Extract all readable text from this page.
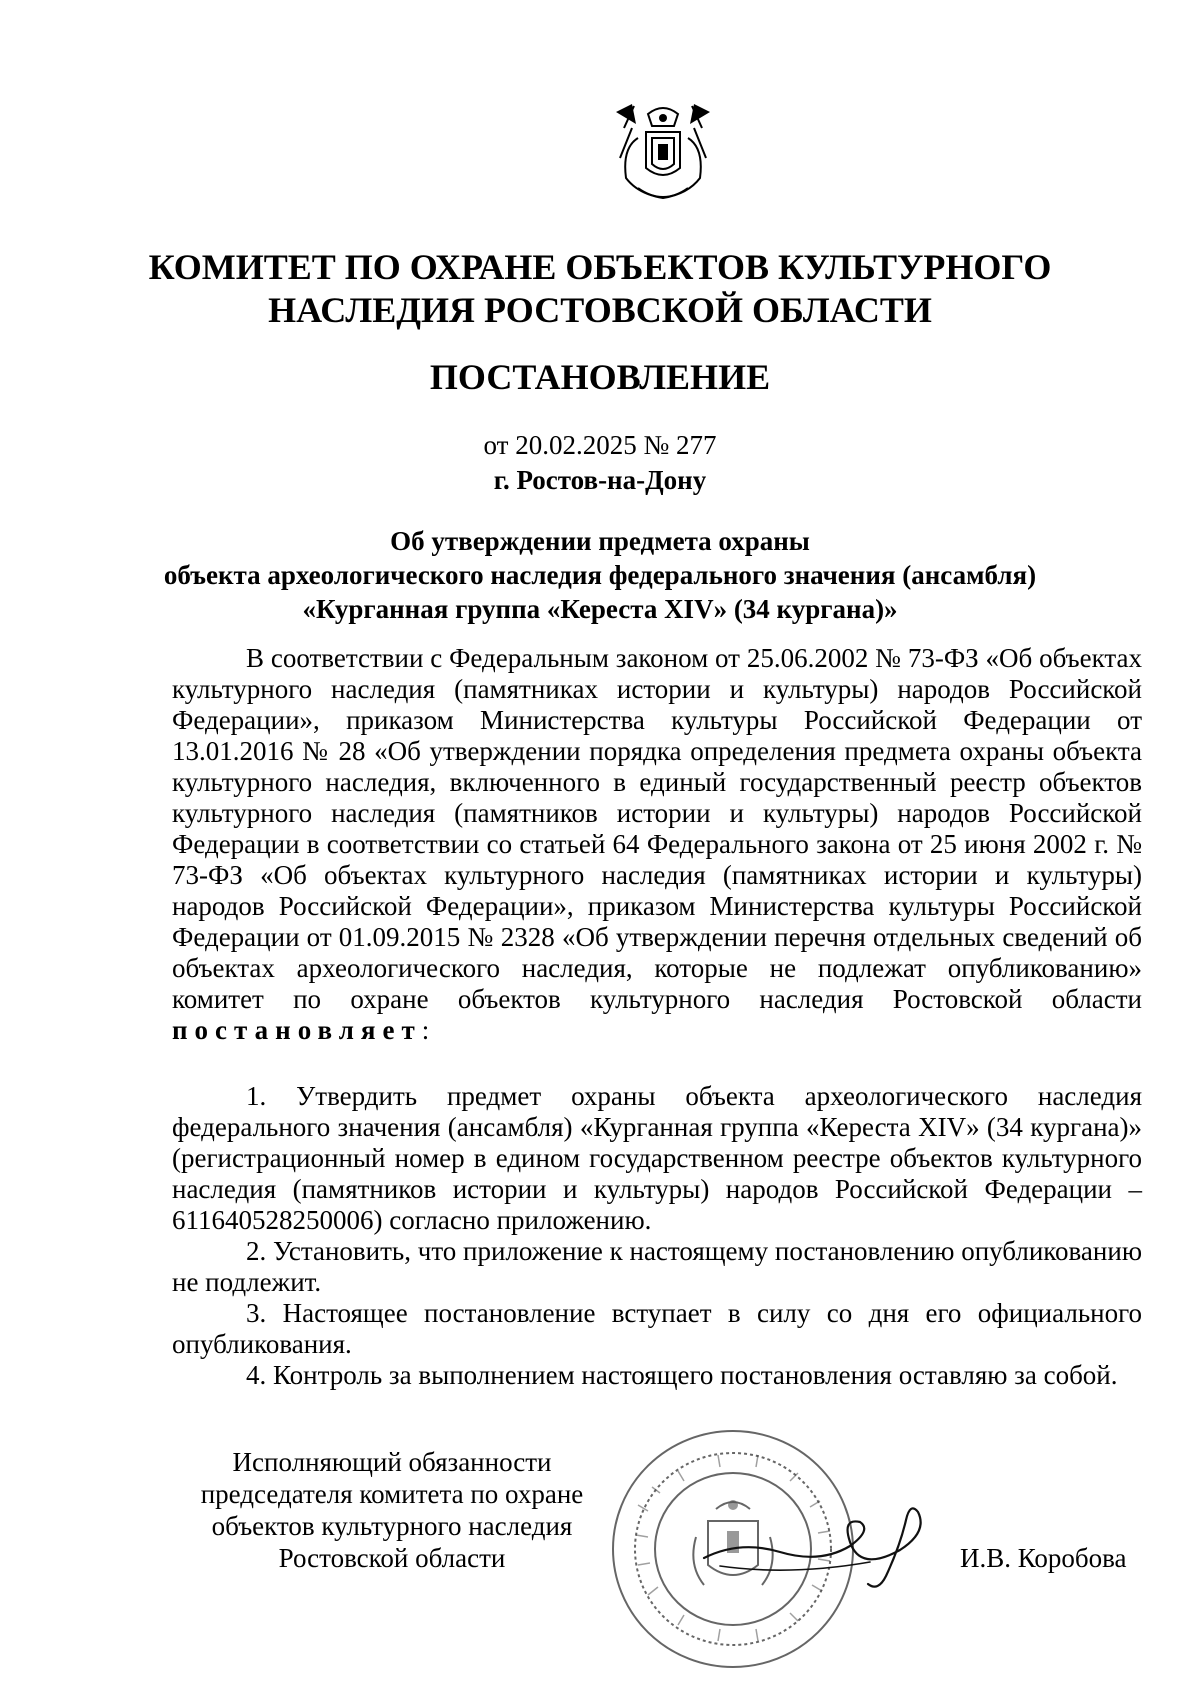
КОМИТЕТ ПО ОХРАНЕ ОБЪЕКТОВ КУЛЬТУРНОГО
НАСЛЕДИЯ РОСТОВСКОЙ ОБЛАСТИ
ПОСТАНОВЛЕНИЕ
от 20.02.2025 № 277
г. Ростов-на-Дону
Об утверждении предмета охраны
объекта археологического наследия федерального значения (ансамбля)
«Курганная группа «Кереста XIV» (34 кургана)»

В соответствии с Федеральным законом от 25.06.2002 № 73-ФЗ «Об объектах культурного наследия (памятниках истории и культуры) народов Российской Федерации», приказом Министерства культуры Российской Федерации от 13.01.2016 № 28 «Об утверждении порядка определения предмета охраны объекта культурного наследия, включенного в единый государственный реестр объектов культурного наследия (памятников истории и культуры) народов Российской Федерации в соответствии со статьей 64 Федерального закона от 25 июня 2002 г. № 73-ФЗ «Об объектах культурного наследия (памятниках истории и культуры) народов Российской Федерации», приказом Министерства культуры Российской Федерации от 01.09.2015 № 2328 «Об утверждении перечня отдельных сведений об объектах археологического наследия, которые не подлежат опубликованию» комитет по охране объектов культурного наследия Ростовской области постановляет:

1. Утвердить предмет охраны объекта археологического наследия федерального значения (ансамбля) «Курганная группа «Кереста XIV» (34 кургана)» (регистрационный номер в едином государственном реестре объектов культурного наследия (памятников истории и культуры) народов Российской Федерации – 611640528250006) согласно приложению.

2. Установить, что приложение к настоящему постановлению опубликованию не подлежит.

3. Настоящее постановление вступает в силу со дня его официального опубликования.

4. Контроль за выполнением настоящего постановления оставляю за собой.

Исполняющий обязанности
председателя комитета по охране
объектов культурного наследия
Ростовской области	И.В. Коробова
